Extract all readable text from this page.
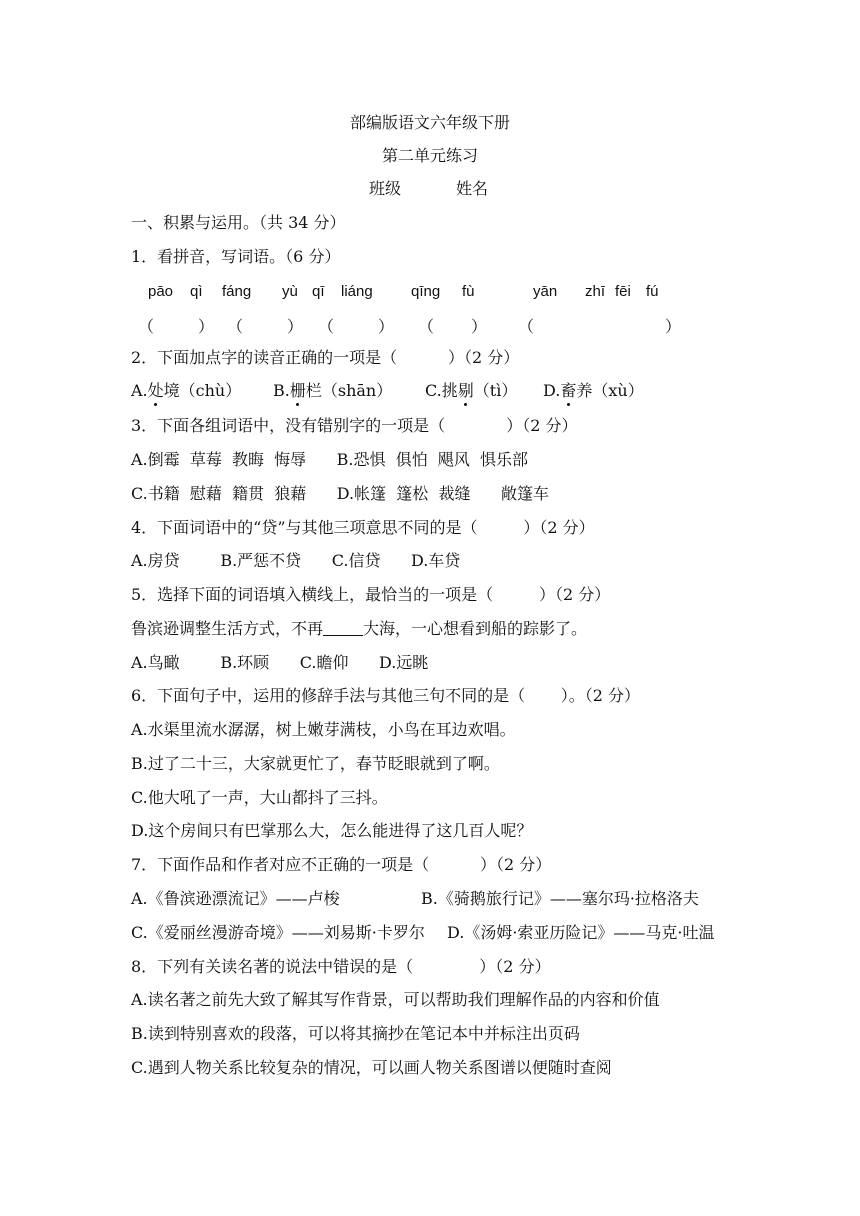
部编版语文六年级下册
第二单元练习
班级	姓名
一、积累与运用。（共 34 分）
1．看拼音，写词语。（6 分）
pāo qì fáng yù qī liáng	qīng fù	yān zhī fēi fú
（	） （	） （	） （ ） （	）
2．下面加点字的读音正确的一项是（          ）（2 分）
A.处境（chù） B.栅栏（shān） C.挑剔（tì） D.畜养（xù）
3．下面各组词语中，没有错别字的一项是（            ）（2 分）
A.倒霉  草莓  教晦  悔辱      B.恐惧  俱怕  飓风  惧乐部
C.书籍  慰藉  籍贯  狼藉      D.帐篷  篷松  裁缝      敞篷车
4．下面词语中的“贷”与其他三项意思不同的是（         ）（2 分）
A.房贷        B.严惩不贷      C.信贷      D.车贷
5．选择下面的词语填入横线上，最恰当的一项是（         ）（2 分）
鲁滨逊调整生活方式，不再	大海，一心想看到船的踪影了。
A.鸟瞰        B.环顾      C.瞻仰      D.远眺
6．下面句子中，运用的修辞手法与其他三句不同的是（       ）。（2 分）
A.水渠里流水潺潺，树上嫩芽满枝，小鸟在耳边欢唱。
B.过了二十三，大家就更忙了，春节眨眼就到了啊。
C.他大吼了一声，大山都抖了三抖。
D.这个房间只有巴掌那么大，怎么能进得了这几百人呢？
7．下面作品和作者对应不正确的一项是（          ）（2 分）
A.《鲁滨逊漂流记》——卢梭	B.《骑鹅旅行记》——塞尔玛·拉格洛夫
C.《爱丽丝漫游奇境》——刘易斯·卡罗尔 D.《汤姆·索亚历险记》——马克·吐温
8．下列有关读名著的说法中错误的是（             ）（2 分）
A.读名著之前先大致了解其写作背景，可以帮助我们理解作品的内容和价值
B.读到特别喜欢的段落，可以将其摘抄在笔记本中并标注出页码
C.遇到人物关系比较复杂的情况，可以画人物关系图谱以便随时查阅
